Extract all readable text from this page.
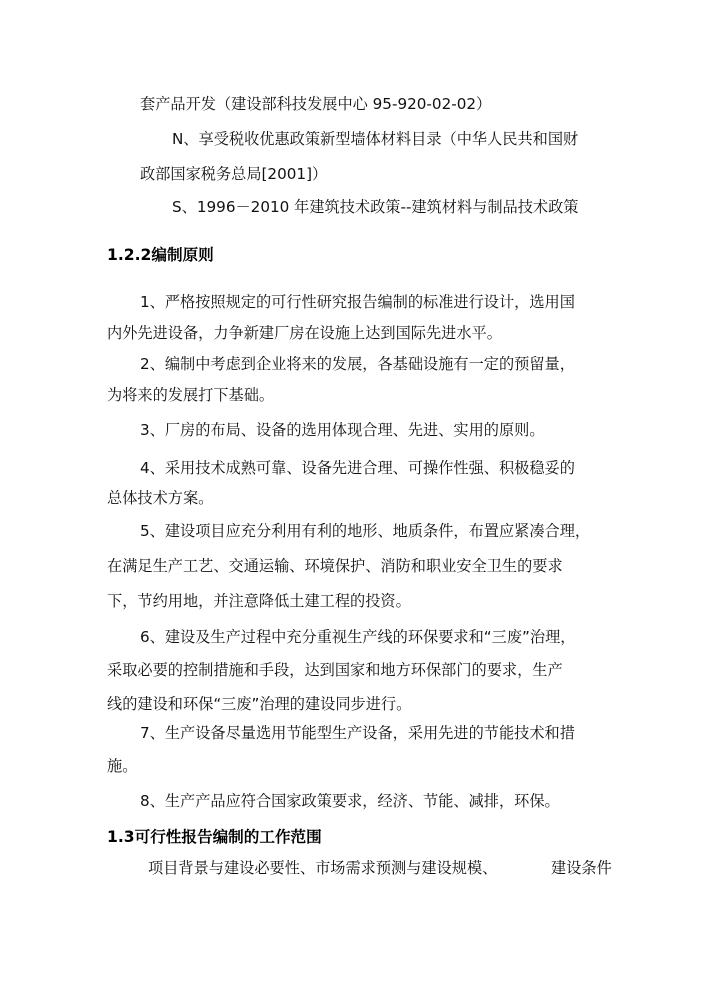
套产品开发（建设部科技发展中心 95-920-02-02）
N、享受税收优惠政策新型墙体材料目录（中华人民共和国财
政部国家税务总局[2001]）
S、1996－2010 年建筑技术政策--建筑材料与制品技术政策
1.2.2编制原则
1、严格按照规定的可行性研究报告编制的标准进行设计，选用国
内外先进设备，力争新建厂房在设施上达到国际先进水平。
2、编制中考虑到企业将来的发展，各基础设施有一定的预留量，
为将来的发展打下基础。
3、厂房的布局、设备的选用体现合理、先进、实用的原则。
4、采用技术成熟可靠、设备先进合理、可操作性强、积极稳妥的
总体技术方案。
5、建设项目应充分利用有利的地形、地质条件，布置应紧凑合理，
在满足生产工艺、交通运输、环境保护、消防和职业安全卫生的要求
下，节约用地，并注意降低土建工程的投资。
6、建设及生产过程中充分重视生产线的环保要求和“三废”治理，
采取必要的控制措施和手段，达到国家和地方环保部门的要求，生产
线的建设和环保“三废”治理的建设同步进行。
7、生产设备尽量选用节能型生产设备，采用先进的节能技术和措
施。
8、生产产品应符合国家政策要求，经济、节能、减排，环保。
1.3可行性报告编制的工作范围
项目背景与建设必要性、市场需求预测与建设规模、	建设条件
